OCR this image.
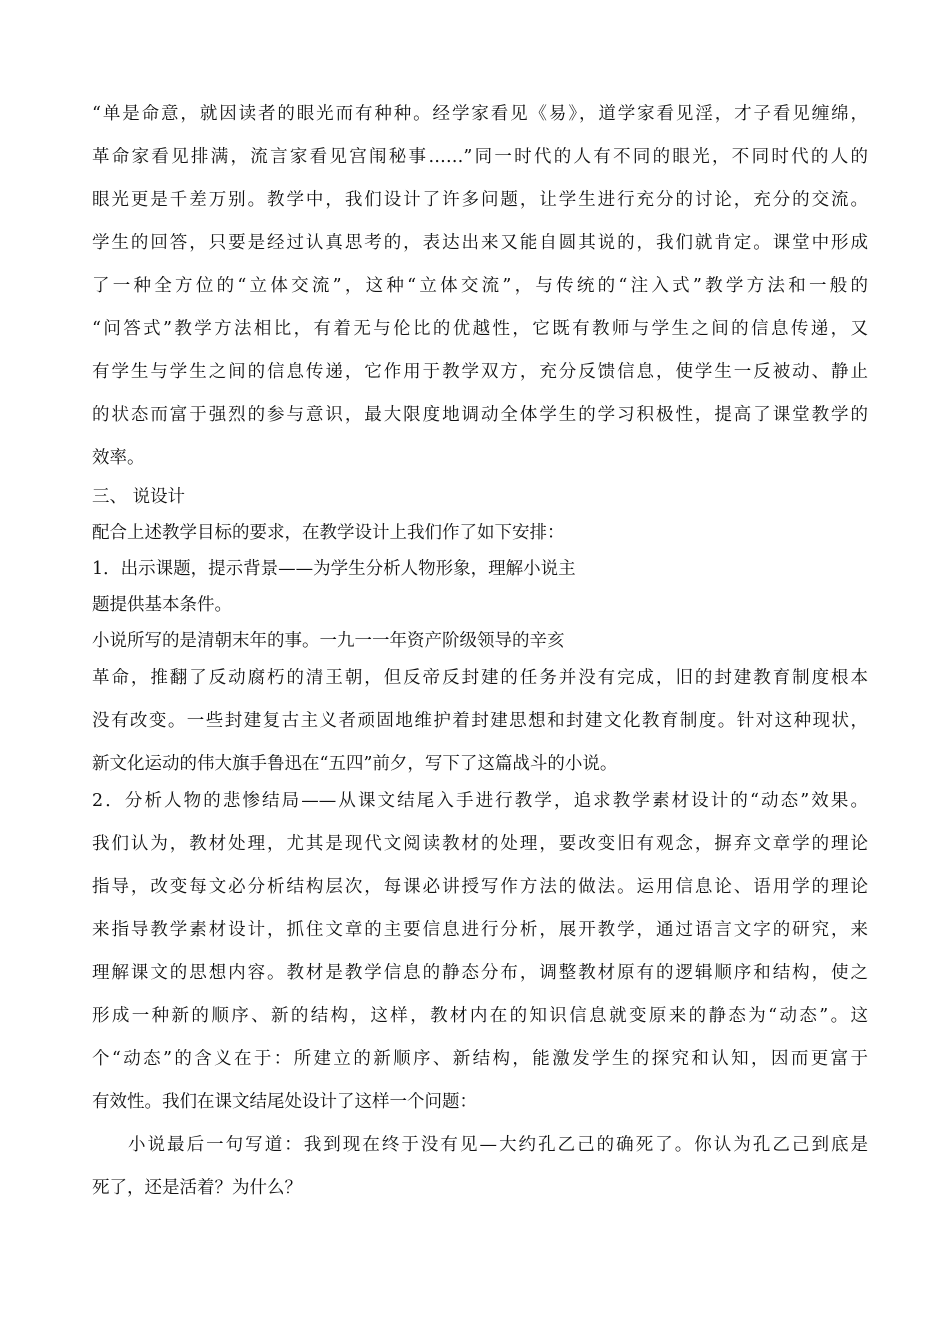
“单是命意，就因读者的眼光而有种种。经学家看见《易》，道学家看见淫，才子看见缠绵，
革命家看见排满，流言家看见宫闱秘事……”同一时代的人有不同的眼光，不同时代的人的
眼光更是千差万别。教学中，我们设计了许多问题，让学生进行充分的讨论，充分的交流。
学生的回答，只要是经过认真思考的，表达出来又能自圆其说的，我们就肯定。课堂中形成
了一种全方位的“立体交流”，这种“立体交流”，与传统的“注入式”教学方法和一般的
“问答式”教学方法相比，有着无与伦比的优越性，它既有教师与学生之间的信息传递，又
有学生与学生之间的信息传递，它作用于教学双方，充分反馈信息，使学生一反被动、静止
的状态而富于强烈的参与意识，最大限度地调动全体学生的学习积极性，提高了课堂教学的
效率。
三、 说设计
配合上述教学目标的要求，在教学设计上我们作了如下安排：
1．出示课题，提示背景——为学生分析人物形象，理解小说主
题提供基本条件。
小说所写的是清朝末年的事。一九一一年资产阶级领导的辛亥
革命，推翻了反动腐朽的清王朝，但反帝反封建的任务并没有完成，旧的封建教育制度根本
没有改变。一些封建复古主义者顽固地维护着封建思想和封建文化教育制度。针对这种现状，
新文化运动的伟大旗手鲁迅在“五四”前夕，写下了这篇战斗的小说。
2．分析人物的悲惨结局——从课文结尾入手进行教学，追求教学素材设计的“动态”效果。
我们认为，教材处理，尤其是现代文阅读教材的处理，要改变旧有观念，摒弃文章学的理论
指导，改变每文必分析结构层次，每课必讲授写作方法的做法。运用信息论、语用学的理论
来指导教学素材设计，抓住文章的主要信息进行分析，展开教学，通过语言文字的研究，来
理解课文的思想内容。教材是教学信息的静态分布，调整教材原有的逻辑顺序和结构，使之
形成一种新的顺序、新的结构，这样，教材内在的知识信息就变原来的静态为“动态”。这
个“动态”的含义在于：所建立的新顺序、新结构，能激发学生的探究和认知，因而更富于
有效性。我们在课文结尾处设计了这样一个问题：
小说最后一句写道：我到现在终于没有见—大约孔乙己的确死了。你认为孔乙己到底是
死了，还是活着？为什么？
